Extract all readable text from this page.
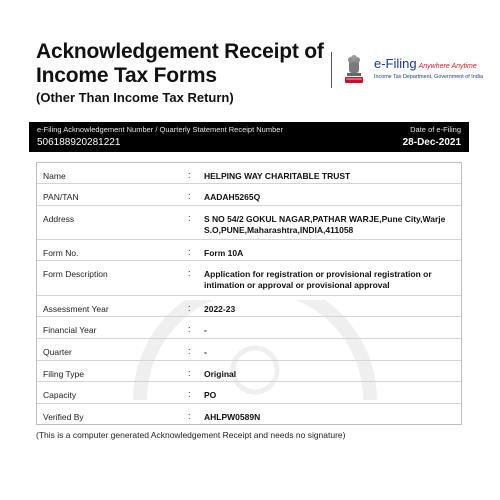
Acknowledgement Receipt of Income Tax Forms
(Other Than Income Tax Return)
e-Filing Anywhere Anytime
Income Tax Department, Government of India
e-Filing Acknowledgement Number / Quarterly Statement Receipt Number
506188920281221
Date of e-Filing
28-Dec-2021
Name	: HELPING WAY CHARITABLE TRUST
PAN/TAN	: AADAH5265Q
Address	: S NO 54/2 GOKUL NAGAR,PATHAR WARJE,Pune City,Warje S.O,PUNE,Maharashtra,INDIA,411058
Form No.	: Form 10A
Form Description	: Application for registration or provisional registration or intimation or approval or provisional approval
Assessment Year	: 2022-23
Financial Year	: -
Quarter	: -
Filing Type	: Original
Capacity	: PO
Verified By	: AHLPW0589N
(This is a computer generated Acknowledgement Receipt and needs no signature)
